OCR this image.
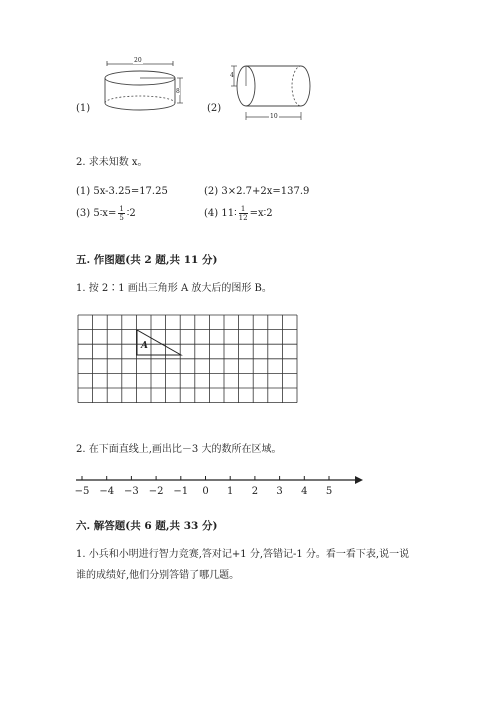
20
8
(1)
4
10
(2)
2. 求未知数 x。
(1) 5x-3.25=17.25	(2) 3×2.7+2x=137.9
(3) 5∶x= $\frac{1}{5}$ ∶2	(4) 11∶ $\frac{1}{12}$ =x∶2
五. 作图题(共 2 题,共 11 分)
1. 按 2∶1 画出三角形 A 放大后的图形 B。
A
2. 在下面直线上,画出比－3 大的数所在区域。
−5 −4 −3 −2 −1 0 1 2 3 4 5
六. 解答题(共 6 题,共 33 分)
1. 小兵和小明进行智力竞赛,答对记+1 分,答错记-1 分。看一看下表,说一说
谁的成绩好,他们分别答错了哪几题。
